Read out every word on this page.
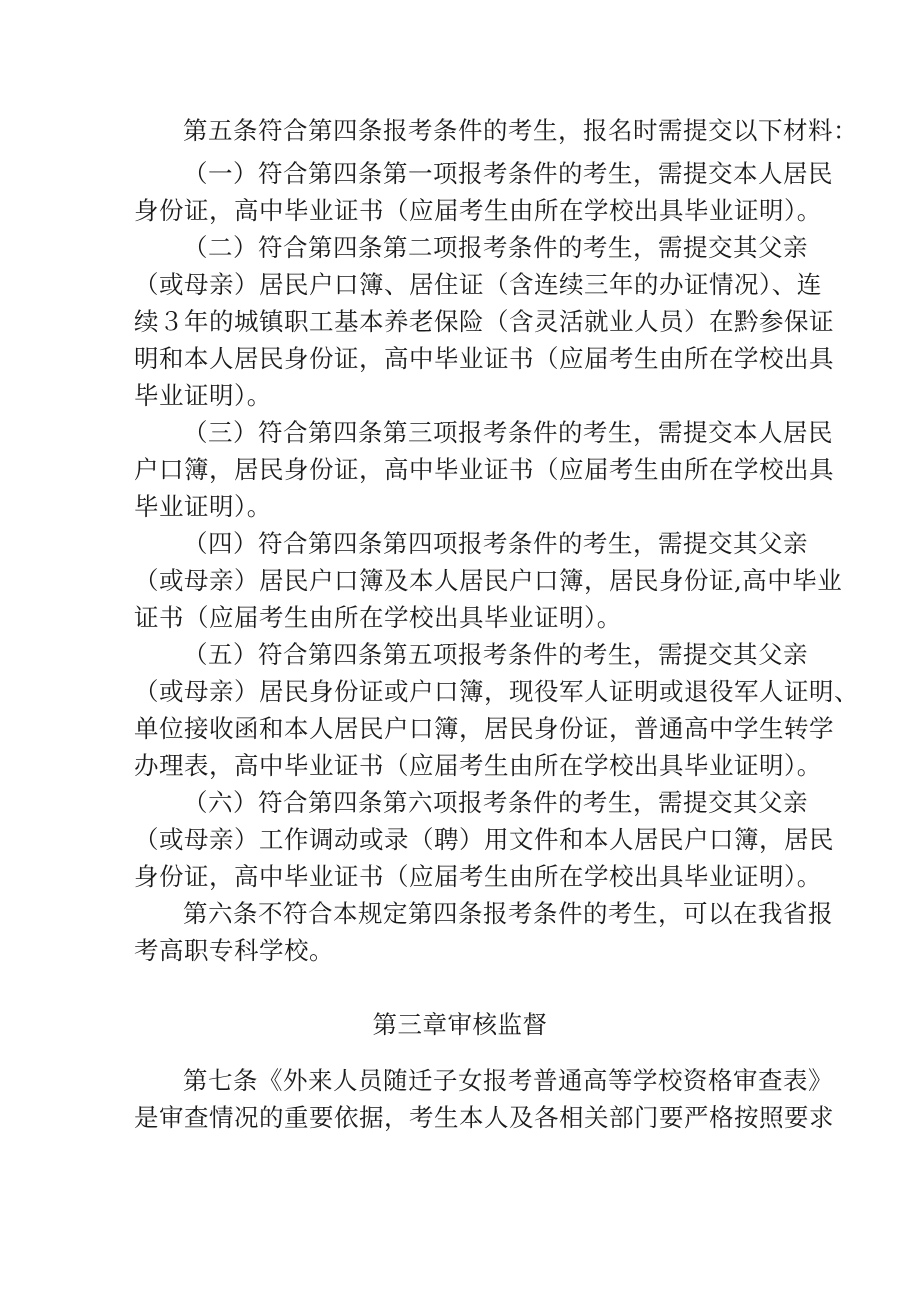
第五条符合第四条报考条件的考生，报名时需提交以下材料：
（一）符合第四条第一项报考条件的考生，需提交本人居民
身份证，高中毕业证书（应届考生由所在学校出具毕业证明）。
（二）符合第四条第二项报考条件的考生，需提交其父亲
（或母亲）居民户口簿、居住证（含连续三年的办证情况）、连
续３年的城镇职工基本养老保险（含灵活就业人员）在黔参保证
明和本人居民身份证，高中毕业证书（应届考生由所在学校出具
毕业证明）。
（三）符合第四条第三项报考条件的考生，需提交本人居民
户口簿，居民身份证，高中毕业证书（应届考生由所在学校出具
毕业证明）。
（四）符合第四条第四项报考条件的考生，需提交其父亲
（或母亲）居民户口簿及本人居民户口簿，居民身份证,高中毕业
证书（应届考生由所在学校出具毕业证明）。
（五）符合第四条第五项报考条件的考生，需提交其父亲
（或母亲）居民身份证或户口簿，现役军人证明或退役军人证明、
单位接收函和本人居民户口簿，居民身份证，普通高中学生转学
办理表，高中毕业证书（应届考生由所在学校出具毕业证明）。
（六）符合第四条第六项报考条件的考生，需提交其父亲
（或母亲）工作调动或录（聘）用文件和本人居民户口簿，居民
身份证，高中毕业证书（应届考生由所在学校出具毕业证明）。
第六条不符合本规定第四条报考条件的考生，可以在我省报
考高职专科学校。
第三章审核监督
第七条《外来人员随迁子女报考普通高等学校资格审查表》
是审查情况的重要依据，考生本人及各相关部门要严格按照要求
